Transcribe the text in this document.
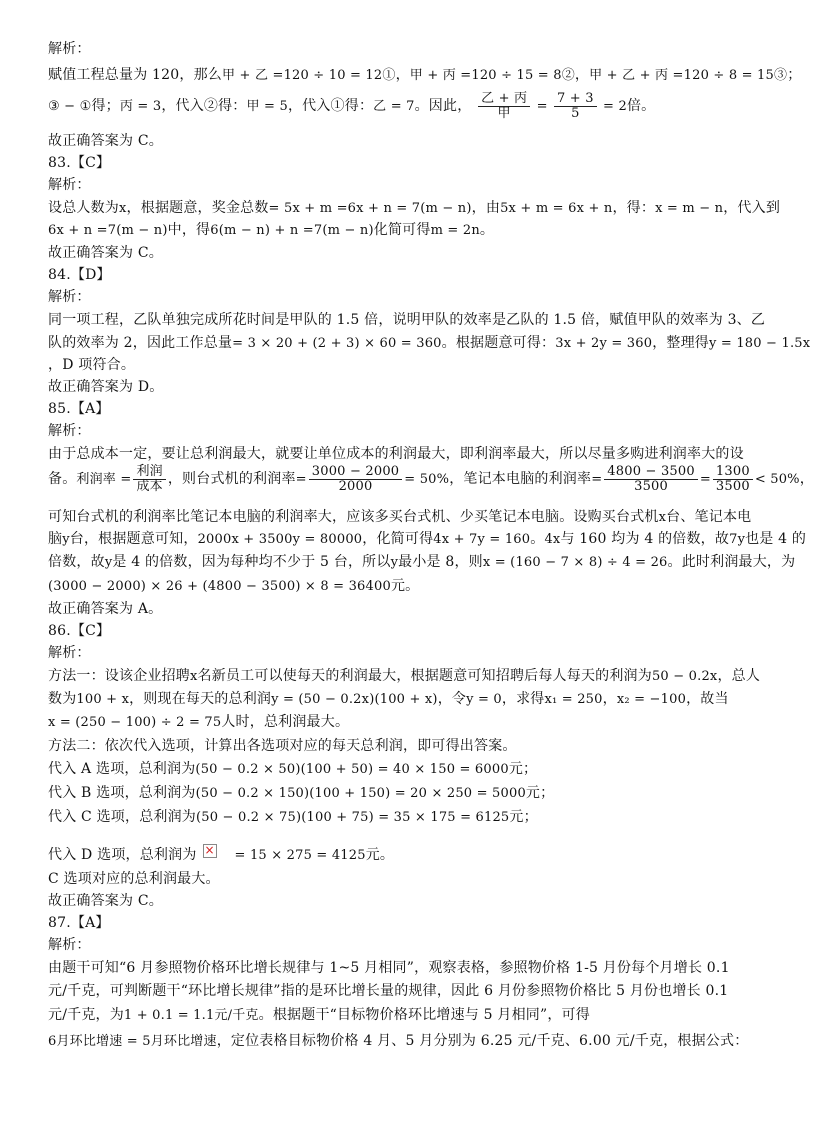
解析：
赋值工程总量为 120，那么甲 + 乙 =120 ÷ 10 = 12①，甲 + 丙 =120 ÷ 15 = 8②，甲 + 乙 + 丙 =120 ÷ 8 = 15③；
③ − ①得；丙 = 3，代入②得：甲 = 5，代入①得：乙 = 7。因此， $\frac{\text{乙 + 丙}}{\text{甲}} = \frac{7 + 3}{5} = 2$倍。
故正确答案为 C。
83.【C】
解析：
设总人数为x，根据题意，奖金总数= 5x + m =6x + n = 7(m − n)，由5x + m = 6x + n，得：x = m − n，代入到
6x + n =7(m − n)中，得6(m − n) + n =7(m − n)化简可得m = 2n。
故正确答案为 C。
84.【D】
解析：
同一项工程，乙队单独完成所花时间是甲队的 1.5 倍，说明甲队的效率是乙队的 1.5 倍，赋值甲队的效率为 3、乙
队的效率为 2，因此工作总量= 3 × 20 + (2 + 3) × 60 = 360。根据题意可得：3x + 2y = 360，整理得y = 180 − 1.5x
，D 项符合。
故正确答案为 D。
85.【A】
解析：
由于总成本一定，要让总利润最大，就要让单位成本的利润最大，即利润率最大，所以尽量多购进利润率大的设
备。利润率 = $\frac{\text{利润}}{\text{成本}}$ ，则台式机的利润率= $\frac{3000 - 2000}{2000} = 50\%$，笔记本电脑的利润率= $\frac{4800 - 3500}{3500} = \frac{1300}{3500} < 50\%$，
可知台式机的利润率比笔记本电脑的利润率大，应该多买台式机、少买笔记本电脑。设购买台式机x台、笔记本电
脑y台，根据题意可知，2000x + 3500y = 80000，化简可得4x + 7y = 160。4x与 160 均为 4 的倍数，故7y也是 4 的
倍数，故y是 4 的倍数，因为每种均不少于 5 台，所以y最小是 8，则x = (160 − 7 × 8) ÷ 4 = 26。此时利润最大，为
(3000 − 2000) × 26 + (4800 − 3500) × 8 = 36400元。
故正确答案为 A。
86.【C】
解析：
方法一：设该企业招聘x名新员工可以使每天的利润最大，根据题意可知招聘后每人每天的利润为50 − 0.2x，总人
数为100 + x，则现在每天的总利润y = (50 − 0.2x)(100 + x)，令y = 0，求得x₁ = 250，x₂ = −100，故当
x = (250 − 100) ÷ 2 = 75人时，总利润最大。
方法二：依次代入选项，计算出各选项对应的每天总利润，即可得出答案。
代入 A 选项，总利润为(50 − 0.2 × 50)(100 + 50) = 40 × 150 = 6000元；
代入 B 选项，总利润为(50 − 0.2 × 150)(100 + 150) = 20 × 250 = 5000元；
代入 C 选项，总利润为(50 − 0.2 × 75)(100 + 75) = 35 × 175 = 6125元；
代入 D 选项，总利润为×	= 15 × 275 = 4125元。
C 选项对应的总利润最大。
故正确答案为 C。
87.【A】
解析：
由题干可知“6 月参照物价格环比增长规律与 1~5 月相同”，观察表格，参照物价格 1-5 月份每个月增长 0.1
元/千克，可判断题干“环比增长规律”指的是环比增长量的规律，因此 6 月份参照物价格比 5 月份也增长 0.1
元/千克，为1 + 0.1 = 1.1元/千克。根据题干“目标物价格环比增速与 5 月相同”，可得
6月环比增速 = 5月环比增速，定位表格目标物价格 4 月、5 月分别为 6.25 元/千克、6.00 元/千克，根据公式：
